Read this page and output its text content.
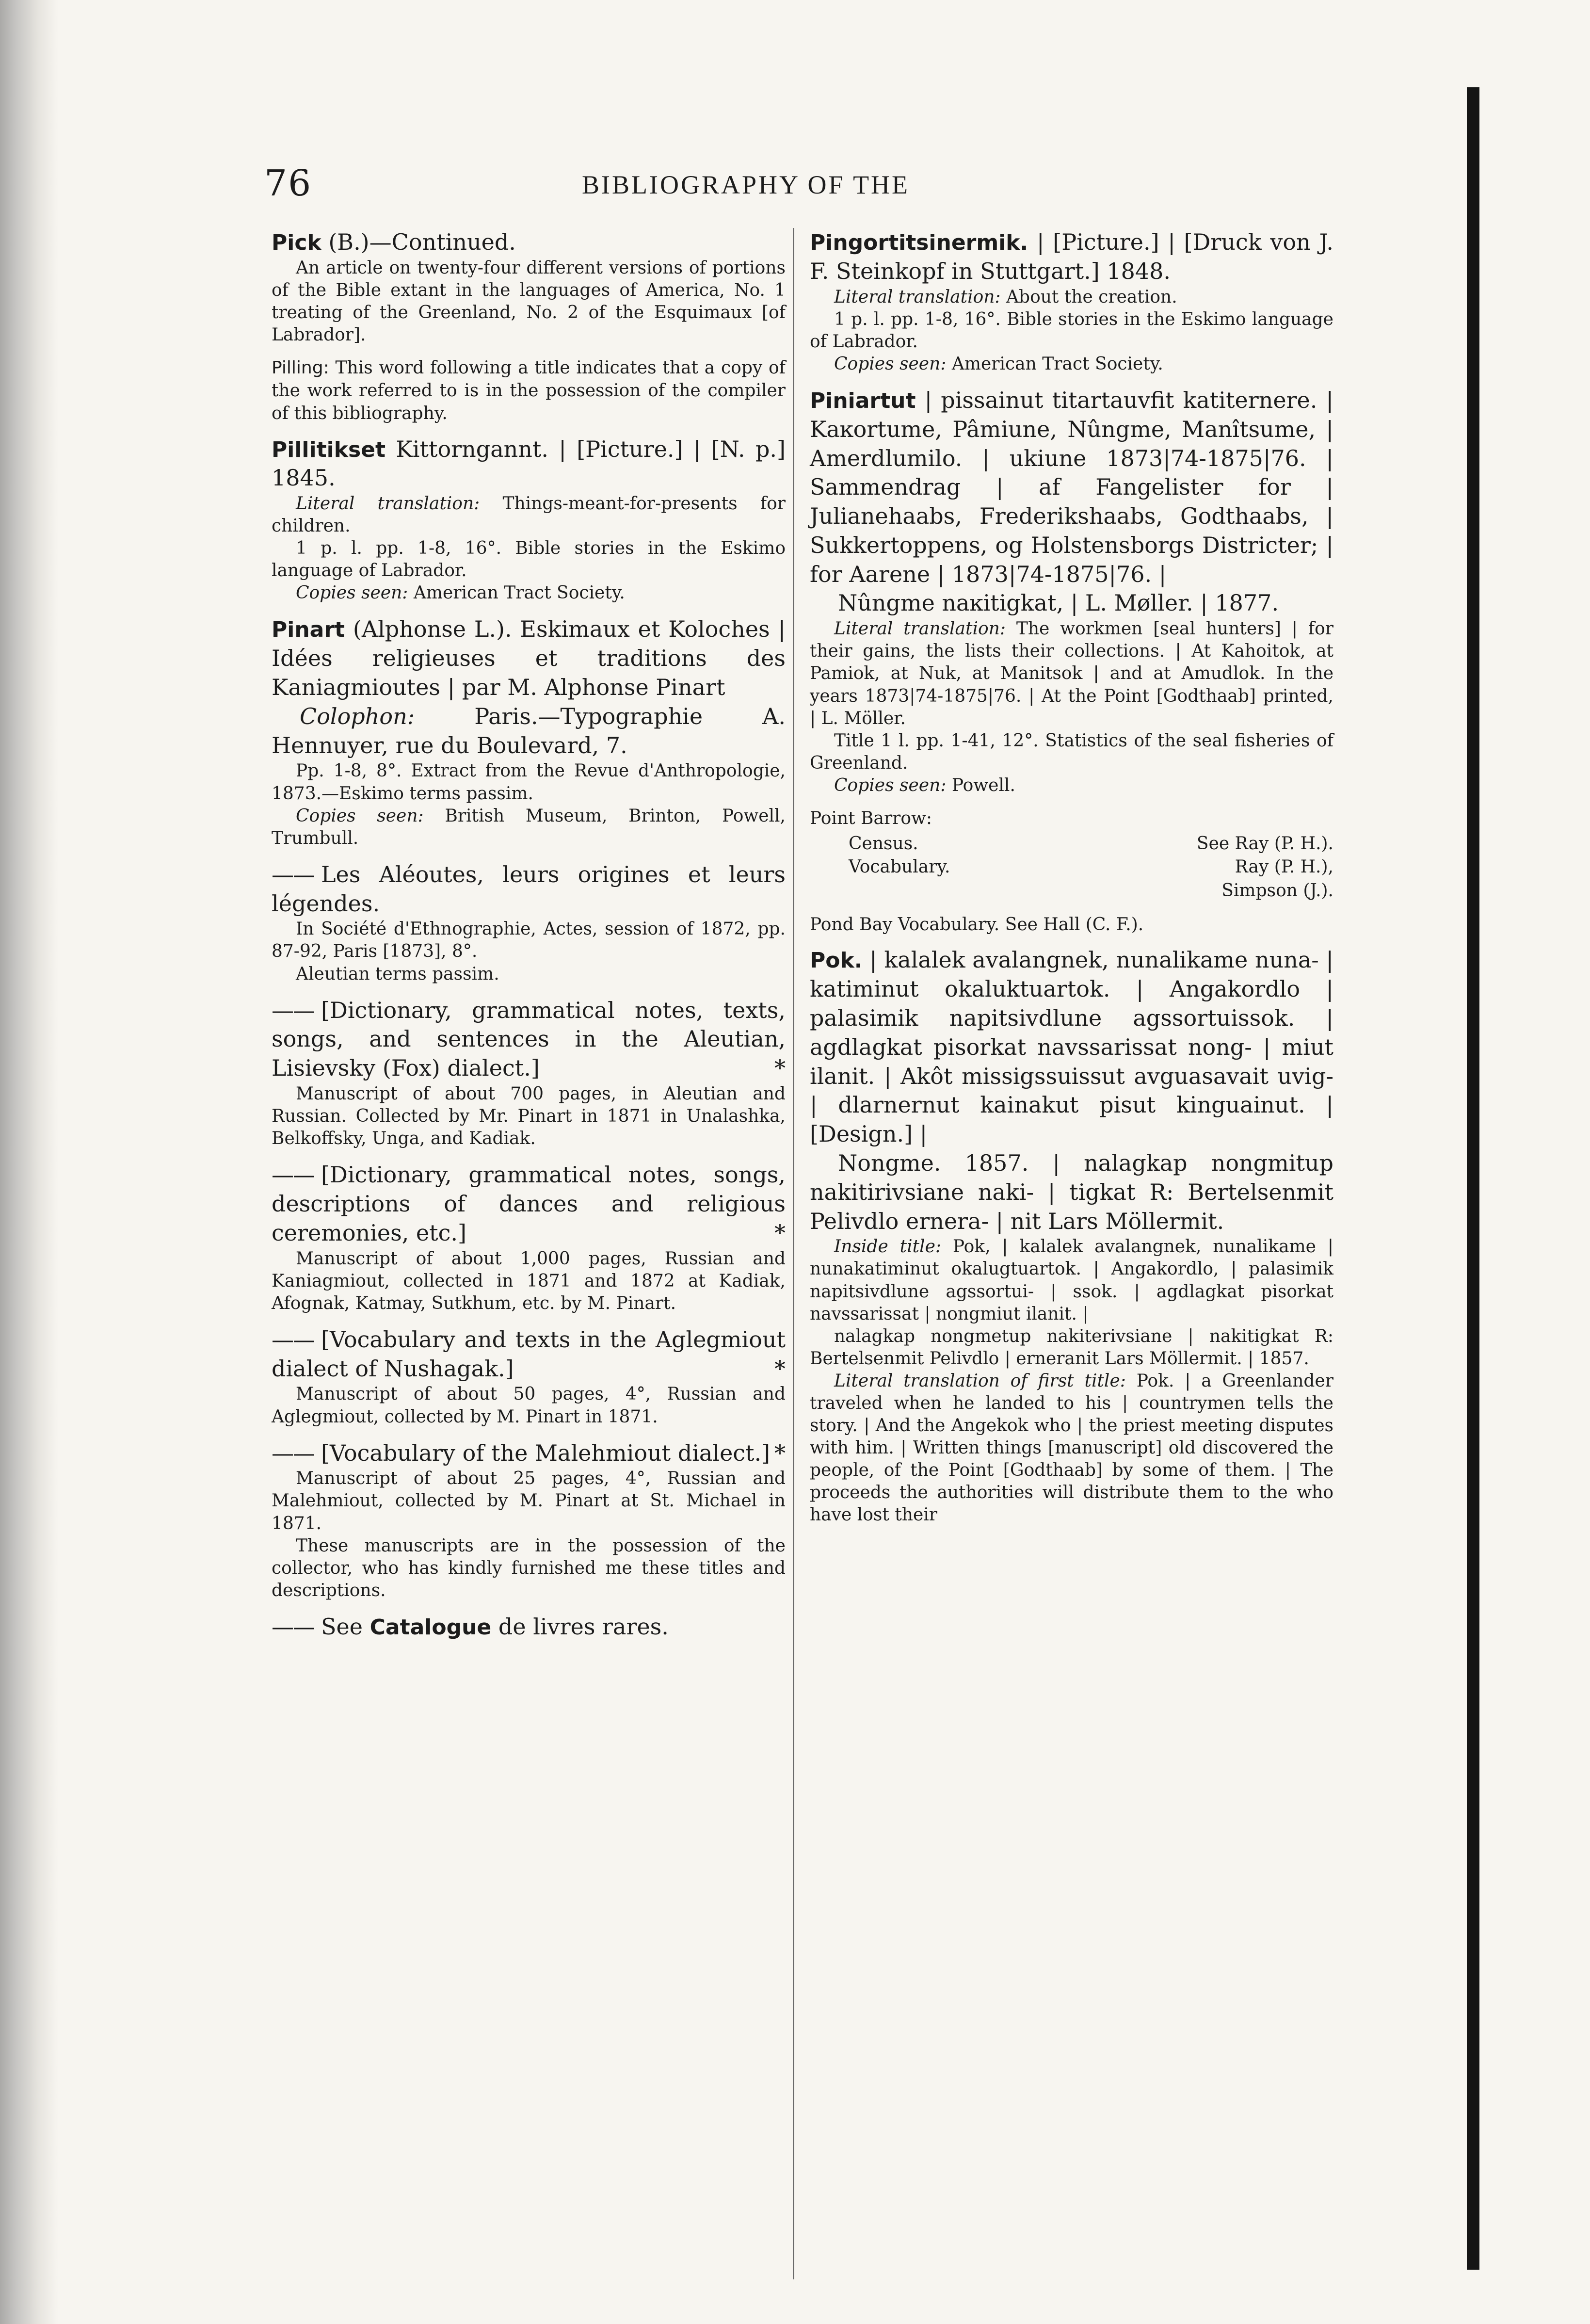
76	BIBLIOGRAPHY OF THE

Pick (B.)—Continued.

An article on twenty-four different versions of portions of the Bible extant in the languages of America, No. 1 treating of the Greenland, No. 2 of the Esquimaux [of Labrador].

Pilling: This word following a title indicates that a copy of the work referred to is in the possession of the compiler of this bibliography.

Pillitikset Kittorngannt. | [Picture.] | [N. p.] 1845.

Literal translation: Things-meant-for-presents for children.

1 p. l. pp. 1-8, 16°. Bible stories in the Eskimo language of Labrador.

Copies seen: American Tract Society.

Pinart (Alphonse L.). Eskimaux et Koloches | Idées religieuses et traditions des Kaniagmioutes | par M. Alphonse Pinart

Colophon:	Paris.—Typographie A. Hennuyer, rue du Boulevard, 7.

Pp. 1-8, 8°. Extract from the Revue d'Anthropologie, 1873.—Eskimo terms passim.

Copies seen: British Museum, Brinton, Powell, Trumbull.

—— Les Aléoutes, leurs origines et leurs légendes.

In Société d'Ethnographie, Actes, session of 1872, pp. 87-92, Paris [1873], 8°.

Aleutian terms passim.

—— [Dictionary, grammatical notes, texts, songs, and sentences in the Aleutian, Lisievsky (Fox) dialect.]	*

Manuscript of about 700 pages, in Aleutian and Russian. Collected by Mr. Pinart in 1871 in Unalashka, Belkoffsky, Unga, and Kadiak.

—— [Dictionary, grammatical notes, songs, descriptions of dances and religious ceremonies, etc.]	*

Manuscript of about 1,000 pages, Russian and Kaniagmiout, collected in 1871 and 1872 at Kadiak, Afognak, Katmay, Sutkhum, etc. by M. Pinart.

—— [Vocabulary and texts in the Aglegmiout dialect of Nushagak.]	*

Manuscript of about 50 pages, 4°, Russian and Aglegmiout, collected by M. Pinart in 1871.

—— [Vocabulary of the Malehmiout dialect.] *

Manuscript of about 25 pages, 4°, Russian and Malehmiout, collected by M. Pinart at St. Michael in 1871.

These manuscripts are in the possession of the collector, who has kindly furnished me these titles and descriptions.

—— See Catalogue de livres rares.

Pingortitsinermik. | [Picture.] | [Druck von J. F. Steinkopf in Stuttgart.] 1848.

Literal translation: About the creation.

1 p. l. pp. 1-8, 16°. Bible stories in the Eskimo language of Labrador.

Copies seen: American Tract Society.

Piniartut | pissainut titartauvfit katiternere. | Kaĸortume, Pâmiune, Nûngme, Manîtsume, | Amerdlumilo. | ukiune 1873|74-1875|76. | Sammendrag | af Fangelister for | Julianehaabs, Frederikshaabs, Godthaabs, | Sukkertoppens, og Holstensborgs Districter; | for Aarene | 1873|74-1875|76. |

Nûngme naĸitigkat, | L. Møller. | 1877.

Literal translation: The workmen [seal hunters] | for their gains, the lists their collections. | At Kahoitok, at Pamiok, at Nuk, at Manitsok | and at Amudlok. In the years 1873|74-1875|76. | At the Point [Godthaab] printed, | L. Möller.

Title 1 l. pp. 1-41, 12°. Statistics of the seal fisheries of Greenland.

Copies seen: Powell.

Point Barrow:

Census.	See Ray (P. H.).
Vocabulary.	Ray (P. H.),
	Simpson (J.).
Pond Bay Vocabulary. See Hall (C. F.).

Pok. | kalalek avalangnek, nunalikame nuna- | katiminut okaluktuartok. | Angakordlo | palasimik napitsivdlune agssortuissok. | agdlagkat pisorkat navssarissat nong- | miut ilanit. | Akôt missigssuissut avguasavait uvig- | dlarnernut kainakut pisut kinguainut. | [Design.] |

Nongme. 1857. | nalagkap nongmitup nakitirivsiane naki- | tigkat R: Bertelsenmit Pelivdlo ernera- | nit Lars Möllermit.

Inside title: Pok, | kalalek avalangnek, nunalikame | nunakatiminut okalugtuartok. | Angakordlo, | palasimik napitsivdlune agssortui- | ssok. | agdlagkat pisorkat navssarissat | nongmiut ilanit. |

nalagkap nongmetup nakiterivsiane | nakitigkat R: Bertelsenmit Pelivdlo | erneranit Lars Möllermit. | 1857.

Literal translation of first title: Pok. | a Greenlander traveled when he landed to his | countrymen tells the story. | And the Angekok who | the priest meeting disputes with him. | Written things [manuscript] old discovered the people, of the Point [Godthaab] by some of them. | The proceeds the authorities will distribute them to the who have lost their
